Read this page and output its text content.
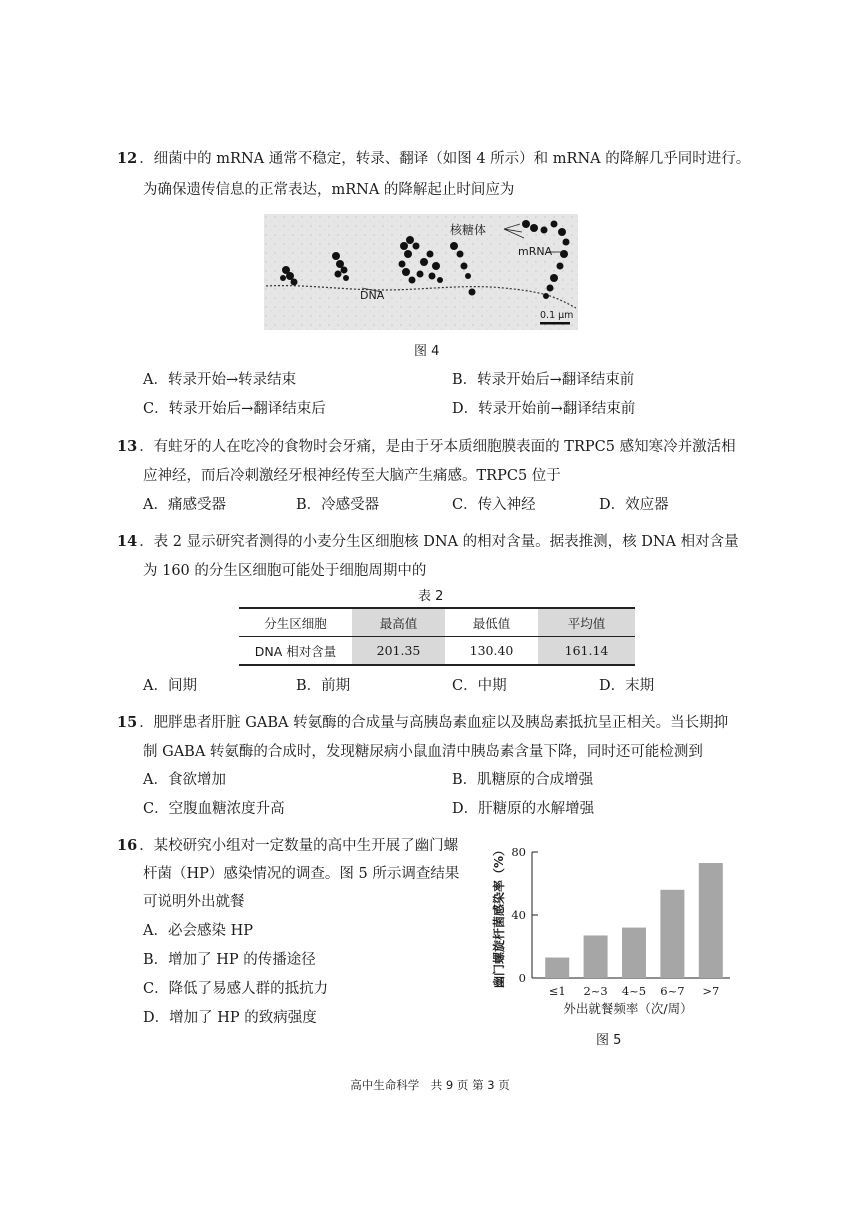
12 ．细菌中的 mRNA 通常不稳定，转录、翻译（如图 4 所示）和 mRNA 的降解几乎同时进行。
为确保遗传信息的正常表达，mRNA 的降解起止时间应为
核糖体
mRNA
DNA
0.1 μm
图 4
A．转录开始→转录结束	B．转录开始后→翻译结束前
C．转录开始后→翻译结束后	D．转录开始前→翻译结束前
13 ．有蛀牙的人在吃冷的食物时会牙痛，是由于牙本质细胞膜表面的 TRPC5 感知寒冷并激活相
应神经，而后冷刺激经牙根神经传至大脑产生痛感。TRPC5 位于
A．痛感受器	B．冷感受器	C．传入神经	D．效应器
14 ．表 2 显示研究者测得的小麦分生区细胞核 DNA 的相对含量。据表推测，核 DNA 相对含量
为 160 的分生区细胞可能处于细胞周期中的
表 2
分生区细胞	最高值	最低值	平均值
DNA 相对含量	201.35	130.40	161.14
A．间期	B．前期	C．中期	D．末期
15 ．肥胖患者肝脏 GABA 转氨酶的合成量与高胰岛素血症以及胰岛素抵抗呈正相关。当长期抑
制 GABA 转氨酶的合成时，发现糖尿病小鼠血清中胰岛素含量下降，同时还可能检测到
A．食欲增加	B．肌糖原的合成增强
C．空腹血糖浓度升高	D．肝糖原的水解增强
16 ．某校研究小组对一定数量的高中生开展了幽门螺
杆菌（HP）感染情况的调查。图 5 所示调查结果
可说明外出就餐
A．必会感染 HP
B．增加了 HP 的传播途径
C．降低了易感人群的抵抗力
D．增加了 HP 的致病强度
幽门螺旋杆菌感染率（%） 0
40
80
≤1 2~3 4~5 6~7 >7
外出就餐频率（次/周）
图 5
高中生命科学　共 9 页 第 3 页
